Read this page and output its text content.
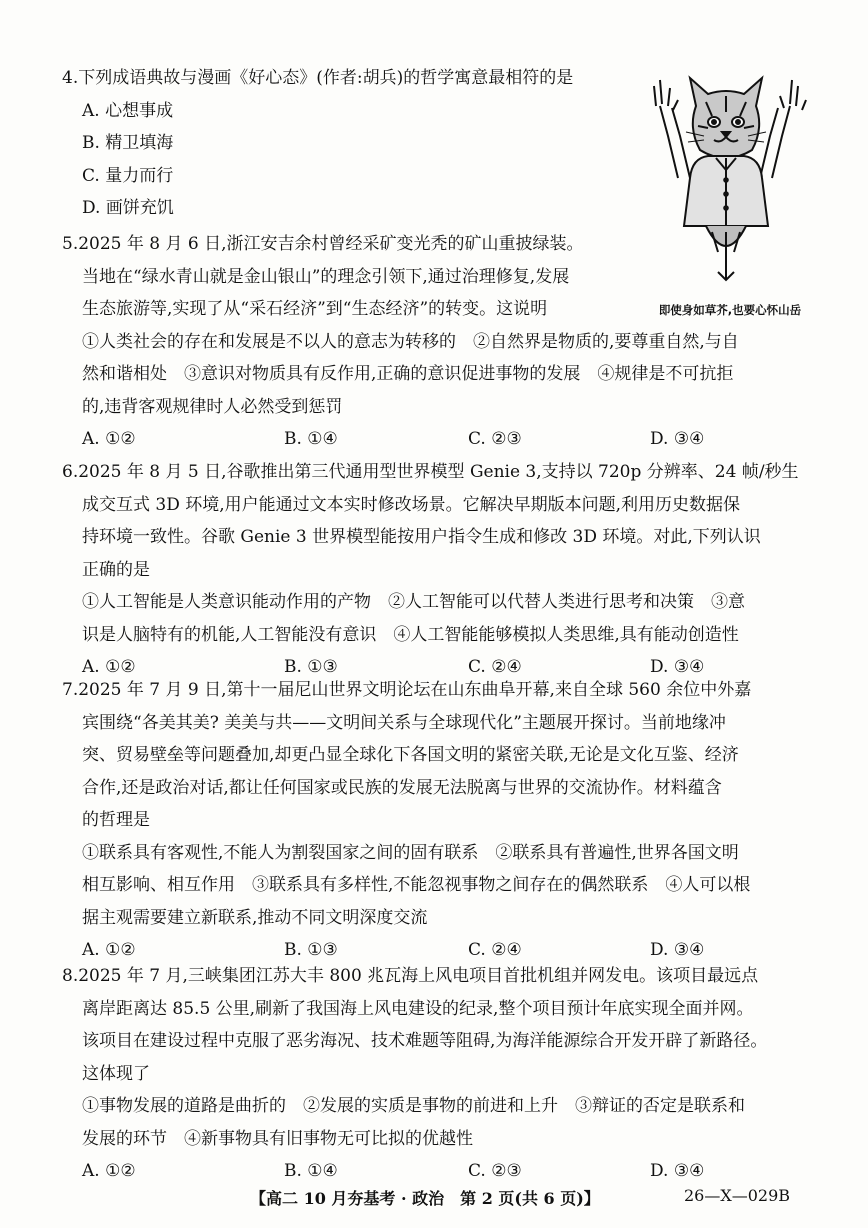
4.下列成语典故与漫画《好心态》(作者:胡兵)的哲学寓意最相符的是
A. 心想事成
B. 精卫填海
C. 量力而行
D. 画饼充饥
即使身如草芥,也要心怀山岳
5.2025 年 8 月 6 日,浙江安吉余村曾经采矿变光秃的矿山重披绿装。
当地在“绿水青山就是金山银山”的理念引领下,通过治理修复,发展
生态旅游等,实现了从“采石经济”到“生态经济”的转变。这说明
①人类社会的存在和发展是不以人的意志为转移的　②自然界是物质的,要尊重自然,与自
然和谐相处　③意识对物质具有反作用,正确的意识促进事物的发展　④规律是不可抗拒
的,违背客观规律时人必然受到惩罚
A. ①②	B. ①④	C. ②③	D. ③④
6.2025 年 8 月 5 日,谷歌推出第三代通用型世界模型 Genie 3,支持以 720p 分辨率、24 帧/秒生
成交互式 3D 环境,用户能通过文本实时修改场景。它解决早期版本问题,利用历史数据保
持环境一致性。谷歌 Genie 3 世界模型能按用户指令生成和修改 3D 环境。对此,下列认识
正确的是
①人工智能是人类意识能动作用的产物　②人工智能可以代替人类进行思考和决策　③意
识是人脑特有的机能,人工智能没有意识　④人工智能能够模拟人类思维,具有能动创造性
A. ①②	B. ①③	C. ②④	D. ③④
7.2025 年 7 月 9 日,第十一届尼山世界文明论坛在山东曲阜开幕,来自全球 560 余位中外嘉
宾围绕“各美其美? 美美与共——文明间关系与全球现代化”主题展开探讨。当前地缘冲
突、贸易壁垒等问题叠加,却更凸显全球化下各国文明的紧密关联,无论是文化互鉴、经济
合作,还是政治对话,都让任何国家或民族的发展无法脱离与世界的交流协作。材料蕴含
的哲理是
①联系具有客观性,不能人为割裂国家之间的固有联系　②联系具有普遍性,世界各国文明
相互影响、相互作用　③联系具有多样性,不能忽视事物之间存在的偶然联系　④人可以根
据主观需要建立新联系,推动不同文明深度交流
A. ①②	B. ①③	C. ②④	D. ③④
8.2025 年 7 月,三峡集团江苏大丰 800 兆瓦海上风电项目首批机组并网发电。该项目最远点
离岸距离达 85.5 公里,刷新了我国海上风电建设的纪录,整个项目预计年底实现全面并网。
该项目在建设过程中克服了恶劣海况、技术难题等阻碍,为海洋能源综合开发开辟了新路径。
这体现了
①事物发展的道路是曲折的　②发展的实质是事物的前进和上升　③辩证的否定是联系和
发展的环节　④新事物具有旧事物无可比拟的优越性
A. ①②	B. ①④	C. ②③	D. ③④
【高二 10 月夯基考 · 政治　第 2 页(共 6 页)】	26—X—029B
